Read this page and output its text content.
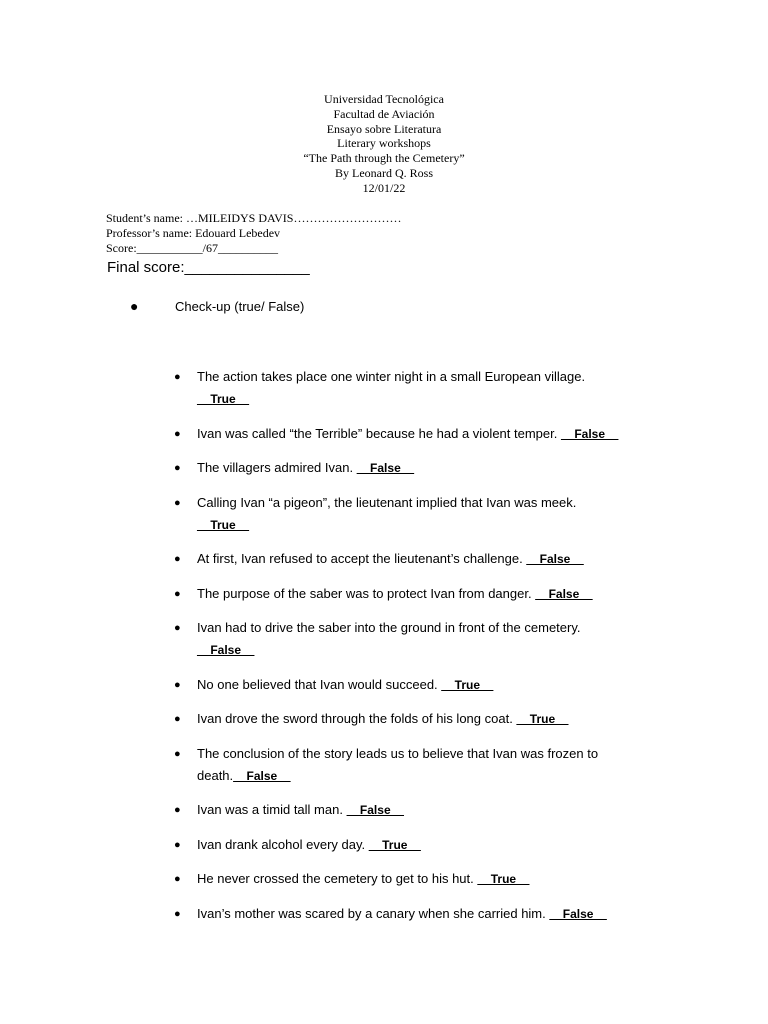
Universidad Tecnológica
Facultad de Aviación
Ensayo sobre Literatura
Literary workshops
“The Path through the Cemetery”
By Leonard Q. Ross
12/01/22
Student’s name: …MILEIDYS DAVIS………………………
Professor’s name: Edouard Lebedev
Score:___________/67__________
Final score:_______________
●	Check-up (true/ False)
● The action takes place one winter night in a small European village.
__True__
● Ivan was called “the Terrible” because he had a violent temper. __False__
● The villagers admired Ivan. __False__
● Calling Ivan “a pigeon”, the lieutenant implied that Ivan was meek.
__True__
● At first, Ivan refused to accept the lieutenant’s challenge. __False__
● The purpose of the saber was to protect Ivan from danger. __False__
● Ivan had to drive the saber into the ground in front of the cemetery.
__False__
● No one believed that Ivan would succeed. __True__
● Ivan drove the sword through the folds of his long coat. __True__
● The conclusion of the story leads us to believe that Ivan was frozen to death.__False__
● Ivan was a timid tall man. __False__
● Ivan drank alcohol every day. __True__
● He never crossed the cemetery to get to his hut. __True__
● Ivan’s mother was scared by a canary when she carried him. __False__
